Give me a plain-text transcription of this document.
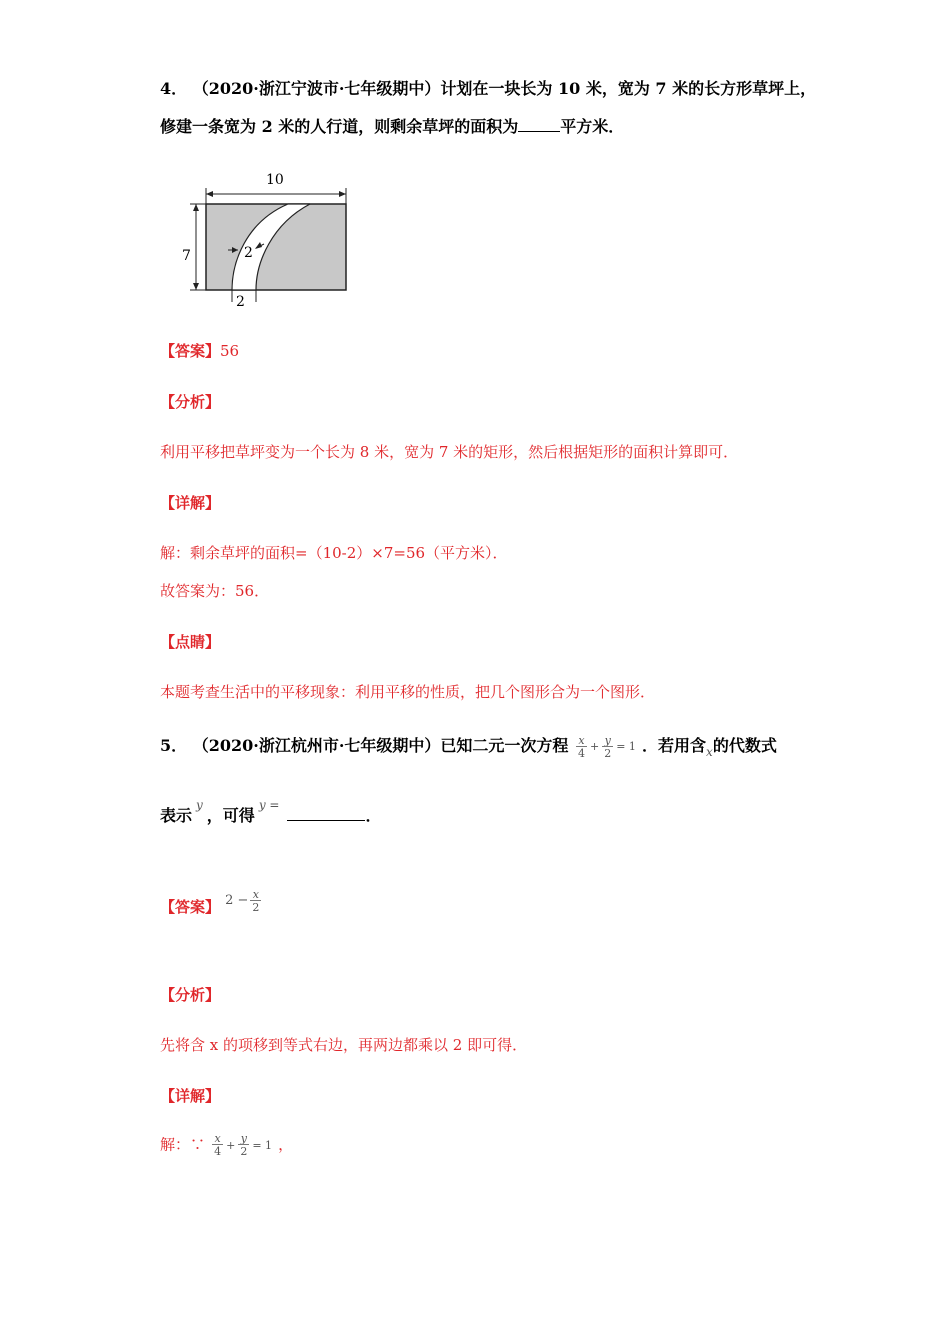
4． （2020·浙江宁波市·七年级期中）计划在一块长为 10 米，宽为 7 米的长方形草坪上，
修建一条宽为 2 米的人行道，则剩余草坪的面积为	平方米．
10
7	2
2
【答案】56
【分析】
利用平移把草坪变为一个长为 8 米，宽为 7 米的矩形，然后根据矩形的面积计算即可．
【详解】
解：剩余草坪的面积=（10-2）×7=56（平方米）．
故答案为：56．
【点睛】
本题考查生活中的平移现象：利用平移的性质，把几个图形合为一个图形．
5． （2020·浙江杭州市·七年级期中）已知二元一次方程 $\frac{x}{4} + \frac{y}{2} = 1$ ．若用含$_x$的代数式
表示$^y$，可得$^{y =}$．
【答案】 $2 - \frac{x}{2}$
【分析】
先将含 x 的项移到等式右边，再两边都乘以 2 即可得．
【详解】
解：∵ $\frac{x}{4} + \frac{y}{2} = 1$ ，
